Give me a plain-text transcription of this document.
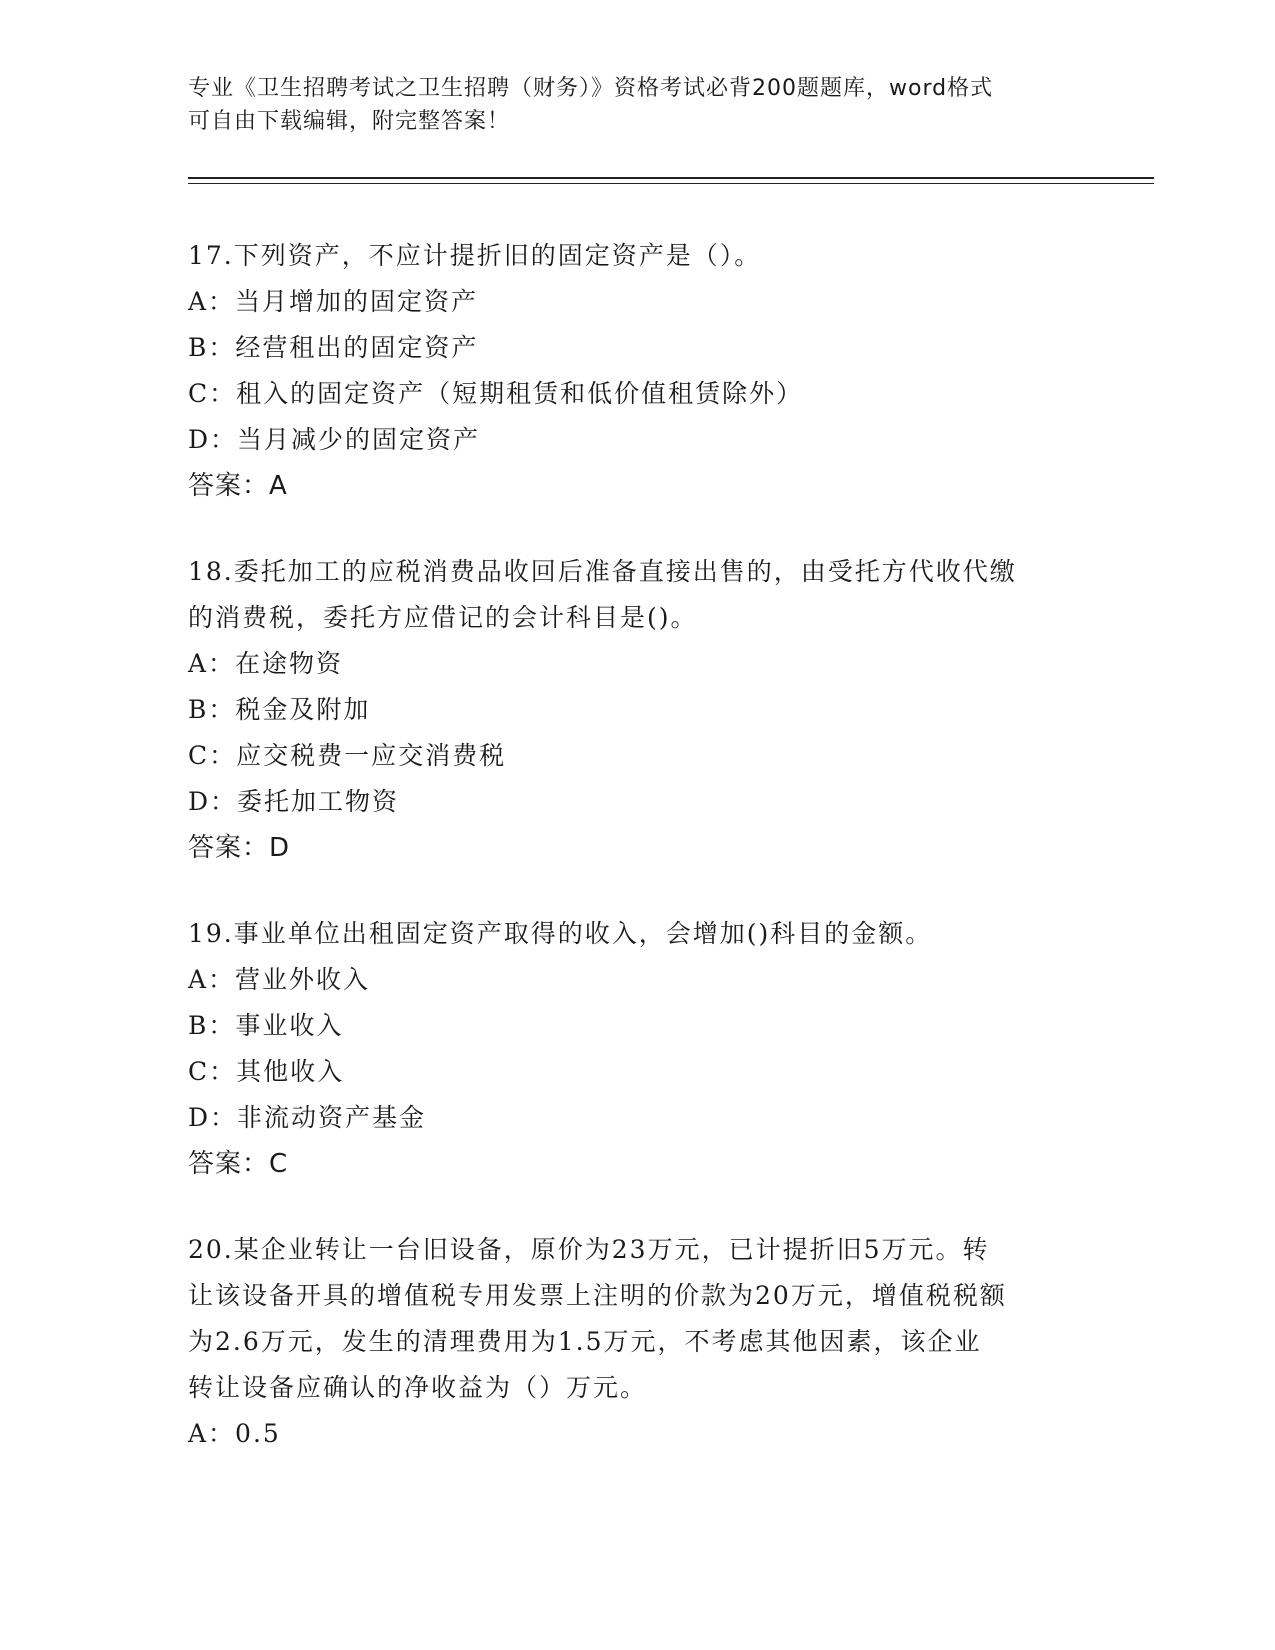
专业《卫生招聘考试之卫生招聘（财务）》资格考试必背200题题库，word格式
可自由下载编辑，附完整答案！

17.下列资产，不应计提折旧的固定资产是（）。

A：当月增加的固定资产

B：经营租出的固定资产

C：租入的固定资产（短期租赁和低价值租赁除外）

D：当月减少的固定资产

答案：A

18.委托加工的应税消费品收回后准备直接出售的，由受托方代收代缴

的消费税，委托方应借记的会计科目是()。

A：在途物资

B：税金及附加

C：应交税费一应交消费税

D：委托加工物资

答案：D

19.事业单位出租固定资产取得的收入，会增加()科目的金额。

A：营业外收入

B：事业收入

C：其他收入

D：非流动资产基金

答案：C

20.某企业转让一台旧设备，原价为23万元，已计提折旧5万元。转

让该设备开具的增值税专用发票上注明的价款为20万元，增值税税额

为2.6万元，发生的清理费用为1.5万元，不考虑其他因素，该企业

转让设备应确认的净收益为（）万元。

A：0.5
